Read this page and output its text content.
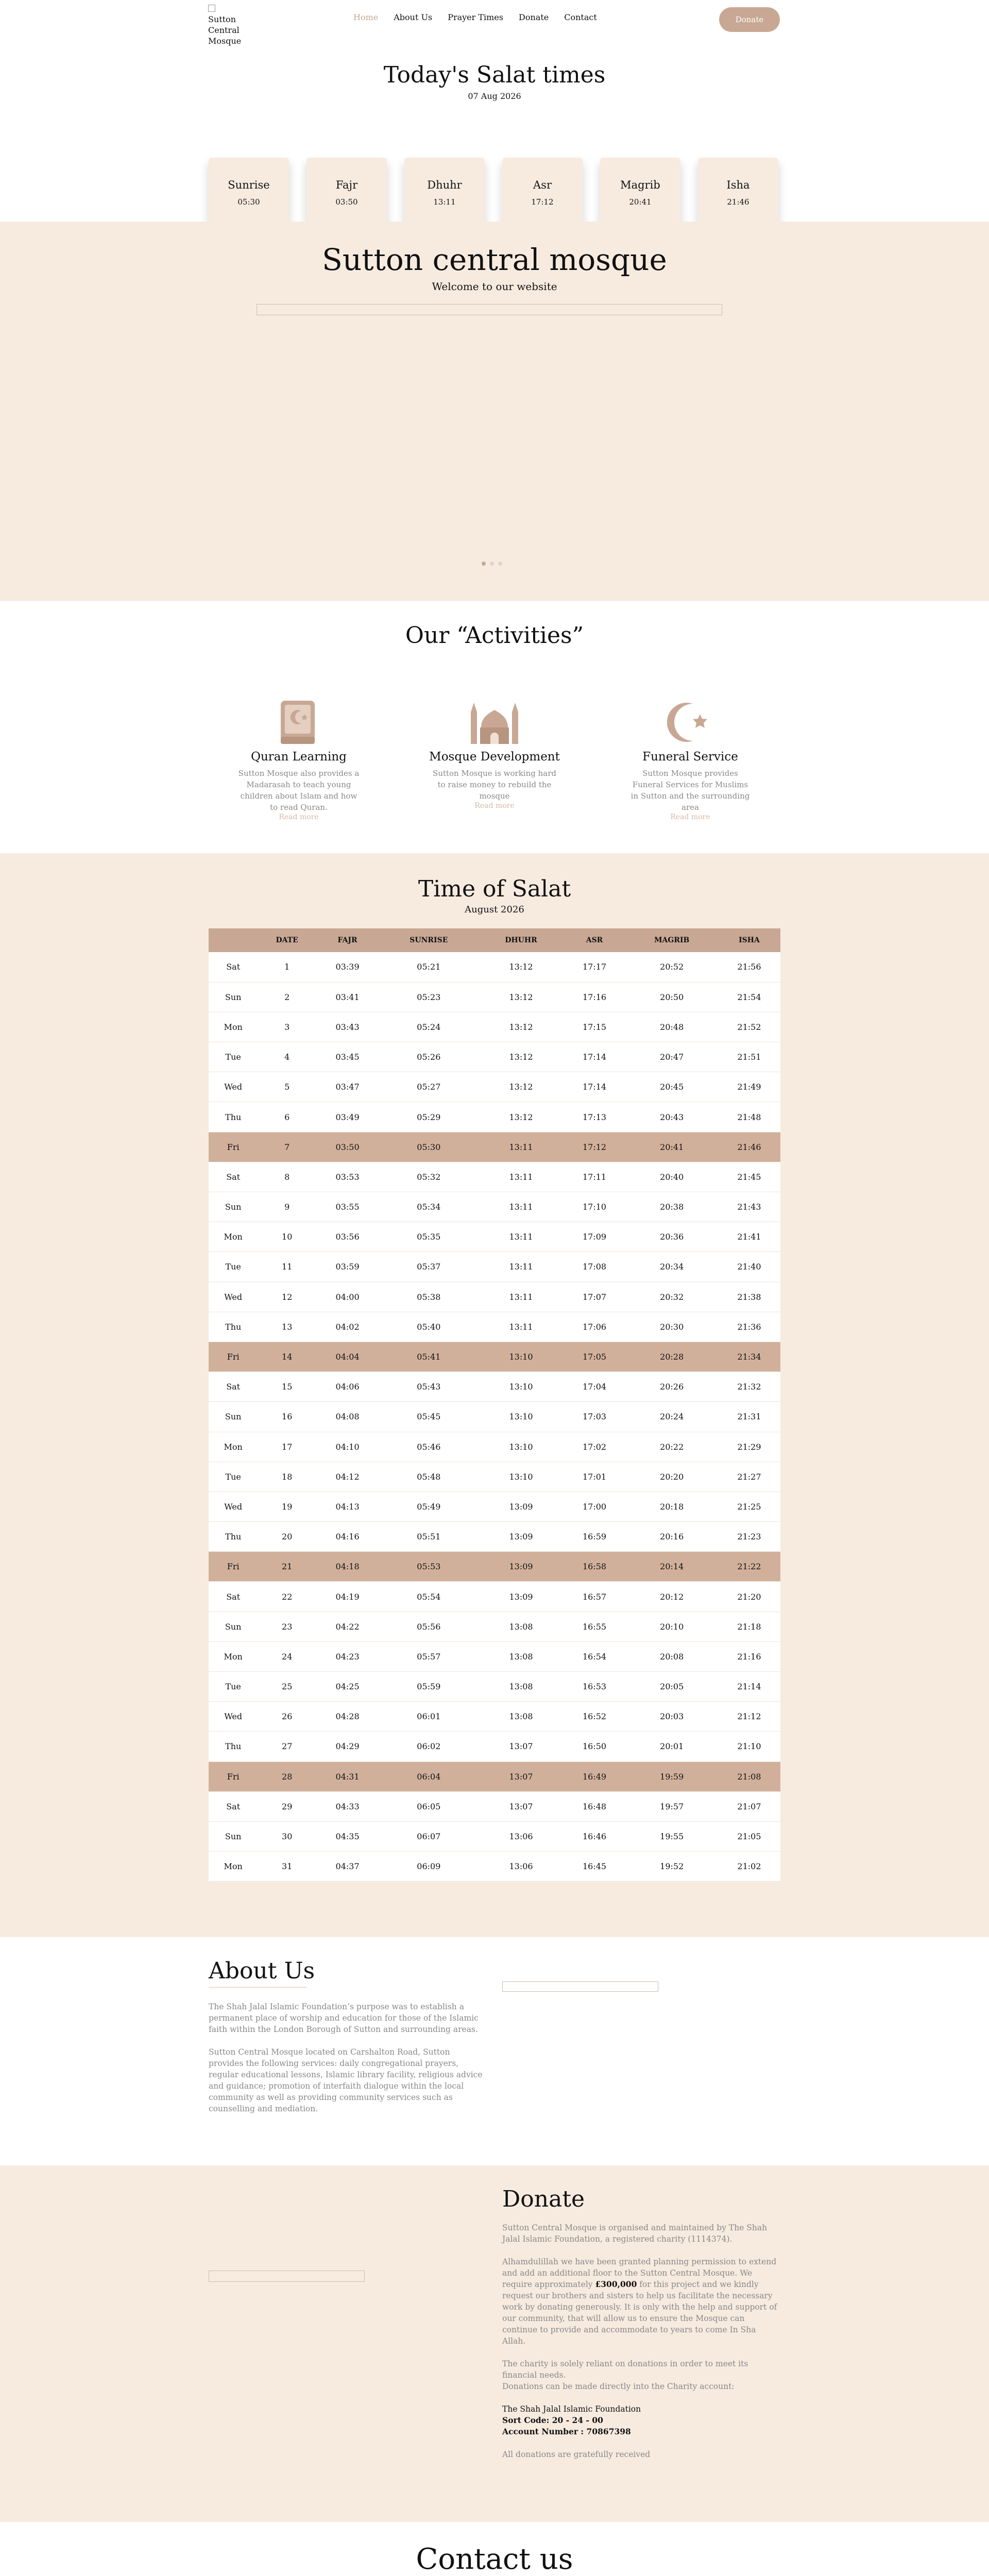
Sutton Central Mosque
Home About Us Prayer Times Donate Contact	Donate
Today's Salat times
07 Aug 2026
Sunrise
05:30
Fajr
03:50
Dhuhr
13:11
Asr
17:12
Magrib
20:41
Isha
21:46
Sutton central mosque
Welcome to our website
Our “Activities”
Quran Learning

Sutton Mosque also provides a Madarasah to teach young children about Islam and how to read Quran.

Read more
Mosque Development

Sutton Mosque is working hard to raise money to rebuild the mosque

Read more
Funeral Service

Sutton Mosque provides Funeral Services for Muslims in Sutton and the surrounding area

Read more
Time of Salat
August 2026
	DATE	FAJR	SUNRISE	DHUHR	ASR	MAGRIB	ISHA
Sat	1	03:39	05:21	13:12	17:17	20:52	21:56
Sun	2	03:41	05:23	13:12	17:16	20:50	21:54
Mon	3	03:43	05:24	13:12	17:15	20:48	21:52
Tue	4	03:45	05:26	13:12	17:14	20:47	21:51
Wed	5	03:47	05:27	13:12	17:14	20:45	21:49
Thu	6	03:49	05:29	13:12	17:13	20:43	21:48
Fri	7	03:50	05:30	13:11	17:12	20:41	21:46
Sat	8	03:53	05:32	13:11	17:11	20:40	21:45
Sun	9	03:55	05:34	13:11	17:10	20:38	21:43
Mon	10	03:56	05:35	13:11	17:09	20:36	21:41
Tue	11	03:59	05:37	13:11	17:08	20:34	21:40
Wed	12	04:00	05:38	13:11	17:07	20:32	21:38
Thu	13	04:02	05:40	13:11	17:06	20:30	21:36
Fri	14	04:04	05:41	13:10	17:05	20:28	21:34
Sat	15	04:06	05:43	13:10	17:04	20:26	21:32
Sun	16	04:08	05:45	13:10	17:03	20:24	21:31
Mon	17	04:10	05:46	13:10	17:02	20:22	21:29
Tue	18	04:12	05:48	13:10	17:01	20:20	21:27
Wed	19	04:13	05:49	13:09	17:00	20:18	21:25
Thu	20	04:16	05:51	13:09	16:59	20:16	21:23
Fri	21	04:18	05:53	13:09	16:58	20:14	21:22
Sat	22	04:19	05:54	13:09	16:57	20:12	21:20
Sun	23	04:22	05:56	13:08	16:55	20:10	21:18
Mon	24	04:23	05:57	13:08	16:54	20:08	21:16
Tue	25	04:25	05:59	13:08	16:53	20:05	21:14
Wed	26	04:28	06:01	13:08	16:52	20:03	21:12
Thu	27	04:29	06:02	13:07	16:50	20:01	21:10
Fri	28	04:31	06:04	13:07	16:49	19:59	21:08
Sat	29	04:33	06:05	13:07	16:48	19:57	21:07
Sun	30	04:35	06:07	13:06	16:46	19:55	21:05
Mon	31	04:37	06:09	13:06	16:45	19:52	21:02
About Us

The Shah Jalal Islamic Foundation’s purpose was to establish a permanent place of worship and education for those of the Islamic faith within the London Borough of Sutton and surrounding areas.

Sutton Central Mosque located on Carshalton Road, Sutton provides the following services: daily congregational prayers, regular educational lessons, Islamic library facility, religious advice and guidance; promotion of interfaith dialogue within the local community as well as providing community services such as counselling and mediation.

Donate

Sutton Central Mosque is organised and maintained by The Shah Jalal Islamic Foundation, a registered charity (1114374).

Alhamdulillah we have been granted planning permission to extend and add an additional floor to the Sutton Central Mosque. We require approximately £300,000 for this project and we kindly request our brothers and sisters to help us facilitate the necessary work by donating generously. It is only with the help and support of our community, that will allow us to ensure the Mosque can continue to provide and accommodate to years to come In Sha Allah.

The charity is solely reliant on donations in order to meet its financial needs.
Donations can be made directly into the Charity account:

The Shah Jalal Islamic Foundation
Sort Code: 20 - 24 - 00
Account Number : 70867398

All donations are gratefully received

Contact us
